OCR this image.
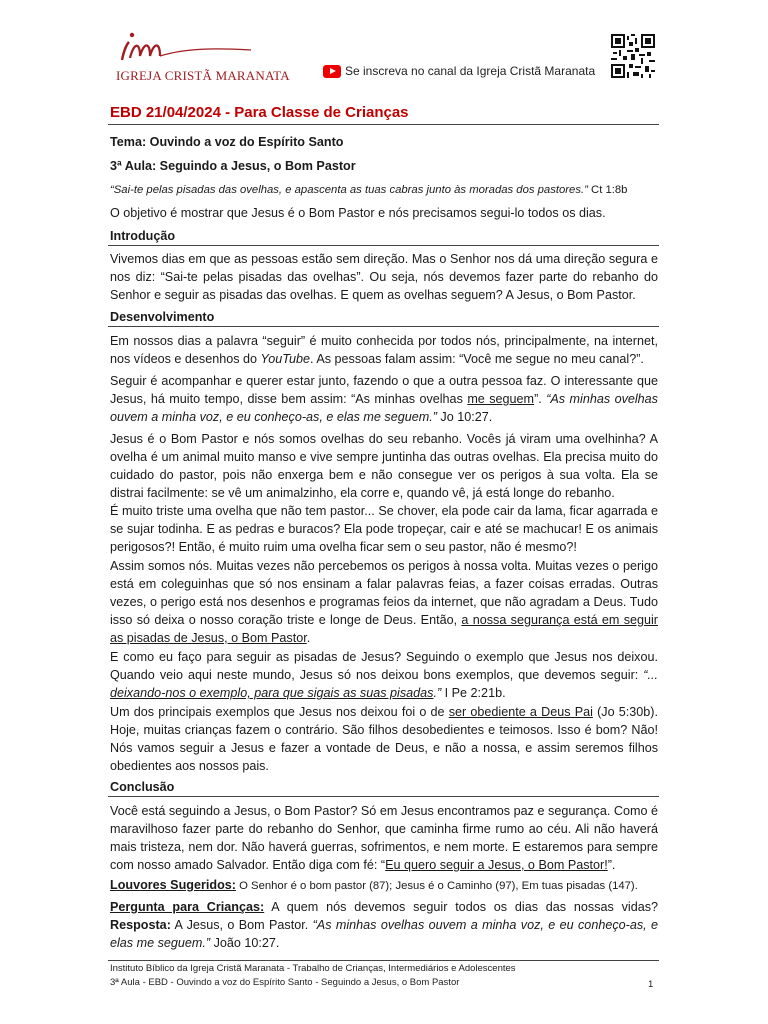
IGREJA CRISTÃ MARANATA	Se inscreva no canal da Igreja Cristã Maranata
EBD 21/04/2024 - Para Classe de Crianças
Tema: Ouvindo a voz do Espírito Santo
3ª Aula: Seguindo a Jesus, o Bom Pastor
“Sai-te pelas pisadas das ovelhas, e apascenta as tuas cabras junto às moradas dos pastores.” Ct 1:8b
O objetivo é mostrar que Jesus é o Bom Pastor e nós precisamos segui-lo todos os dias.
Introdução
Vivemos dias em que as pessoas estão sem direção. Mas o Senhor nos dá uma direção segura e nos diz: “Sai-te pelas pisadas das ovelhas”. Ou seja, nós devemos fazer parte do rebanho do Senhor e seguir as pisadas das ovelhas. E quem as ovelhas seguem? A Jesus, o Bom Pastor.
Desenvolvimento
Em nossos dias a palavra “seguir” é muito conhecida por todos nós, principalmente, na internet, nos vídeos e desenhos do YouTube. As pessoas falam assim: “Você me segue no meu canal?”.
Seguir é acompanhar e querer estar junto, fazendo o que a outra pessoa faz. O interessante que Jesus, há muito tempo, disse bem assim: “As minhas ovelhas me seguem”. “As minhas ovelhas ouvem a minha voz, e eu conheço-as, e elas me seguem.” Jo 10:27.
Jesus é o Bom Pastor e nós somos ovelhas do seu rebanho. Vocês já viram uma ovelhinha? A ovelha é um animal muito manso e vive sempre juntinha das outras ovelhas. Ela precisa muito do cuidado do pastor, pois não enxerga bem e não consegue ver os perigos à sua volta. Ela se distrai facilmente: se vê um animalzinho, ela corre e, quando vê, já está longe do rebanho.
É muito triste uma ovelha que não tem pastor... Se chover, ela pode cair da lama, ficar agarrada e se sujar todinha. E as pedras e buracos? Ela pode tropeçar, cair e até se machucar! E os animais perigosos?! Então, é muito ruim uma ovelha ficar sem o seu pastor, não é mesmo?!
Assim somos nós. Muitas vezes não percebemos os perigos à nossa volta. Muitas vezes o perigo está em coleguinhas que só nos ensinam a falar palavras feias, a fazer coisas erradas. Outras vezes, o perigo está nos desenhos e programas feios da internet, que não agradam a Deus. Tudo isso só deixa o nosso coração triste e longe de Deus. Então, a nossa segurança está em seguir as pisadas de Jesus, o Bom Pastor.
E como eu faço para seguir as pisadas de Jesus? Seguindo o exemplo que Jesus nos deixou. Quando veio aqui neste mundo, Jesus só nos deixou bons exemplos, que devemos seguir: “... deixando-nos o exemplo, para que sigais as suas pisadas.” I Pe 2:21b.
Um dos principais exemplos que Jesus nos deixou foi o de ser obediente a Deus Pai (Jo 5:30b). Hoje, muitas crianças fazem o contrário. São filhos desobedientes e teimosos. Isso é bom? Não! Nós vamos seguir a Jesus e fazer a vontade de Deus, e não a nossa, e assim seremos filhos obedientes aos nossos pais.
Conclusão
Você está seguindo a Jesus, o Bom Pastor? Só em Jesus encontramos paz e segurança. Como é maravilhoso fazer parte do rebanho do Senhor, que caminha firme rumo ao céu. Ali não haverá mais tristeza, nem dor. Não haverá guerras, sofrimentos, e nem morte. E estaremos para sempre com nosso amado Salvador. Então diga com fé: “Eu quero seguir a Jesus, o Bom Pastor!”.
Louvores Sugeridos: O Senhor é o bom pastor (87); Jesus é o Caminho (97), Em tuas pisadas (147).
Pergunta para Crianças: A quem nós devemos seguir todos os dias das nossas vidas? Resposta: A Jesus, o Bom Pastor. “As minhas ovelhas ouvem a minha voz, e eu conheço-as, e elas me seguem.” João 10:27.
Instituto Bíblico da Igreja Cristã Maranata - Trabalho de Crianças, Intermediários e Adolescentes
3ª Aula - EBD - Ouvindo a voz do Espírito Santo - Seguindo a Jesus, o Bom Pastor	1
